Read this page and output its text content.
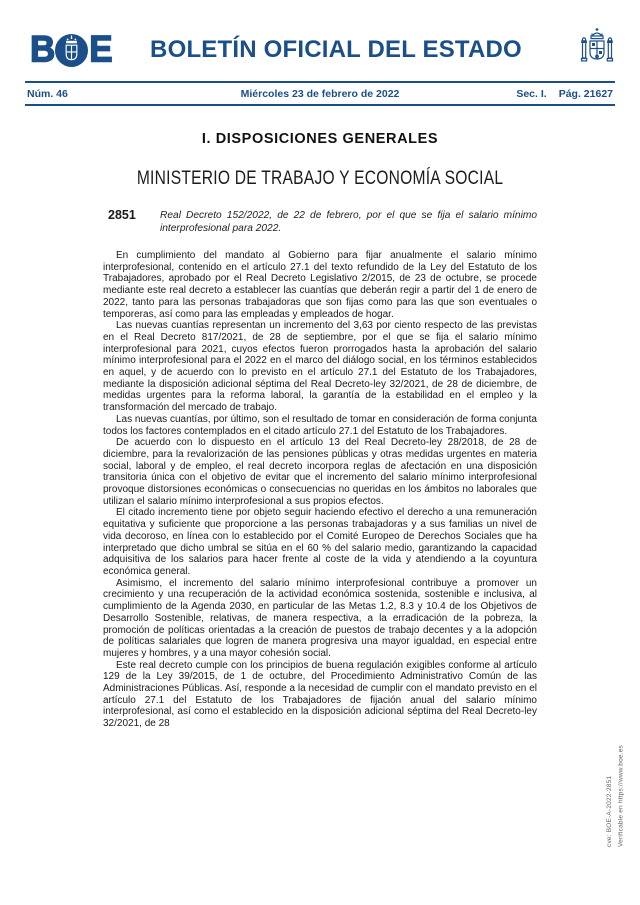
B E	BOLETÍN OFICIAL DEL ESTADO
Núm. 46	Miércoles 23 de febrero de 2022	Sec. I. Pág. 21627
I. DISPOSICIONES GENERALES
MINISTERIO DE TRABAJO Y ECONOMÍA SOCIAL
2851	Real Decreto 152/2022, de 22 de febrero, por el que se fija el salario mínimo interprofesional para 2022.

En cumplimiento del mandato al Gobierno para fijar anualmente el salario mínimo interprofesional, contenido en el artículo 27.1 del texto refundido de la Ley del Estatuto de los Trabajadores, aprobado por el Real Decreto Legislativo 2/2015, de 23 de octubre, se procede mediante este real decreto a establecer las cuantías que deberán regir a partir del 1 de enero de 2022, tanto para las personas trabajadoras que son fijas como para las que son eventuales o temporeras, así como para las empleadas y empleados de hogar.

Las nuevas cuantías representan un incremento del 3,63 por ciento respecto de las previstas en el Real Decreto 817/2021, de 28 de septiembre, por el que se fija el salario mínimo interprofesional para 2021, cuyos efectos fueron prorrogados hasta la aprobación del salario mínimo interprofesional para el 2022 en el marco del diálogo social, en los términos establecidos en aquel, y de acuerdo con lo previsto en el artículo 27.1 del Estatuto de los Trabajadores, mediante la disposición adicional séptima del Real Decreto-ley 32/2021, de 28 de diciembre, de medidas urgentes para la reforma laboral, la garantía de la estabilidad en el empleo y la transformación del mercado de trabajo.

Las nuevas cuantías, por último, son el resultado de tomar en consideración de forma conjunta todos los factores contemplados en el citado artículo 27.1 del Estatuto de los Trabajadores.

De acuerdo con lo dispuesto en el artículo 13 del Real Decreto-ley 28/2018, de 28 de diciembre, para la revalorización de las pensiones públicas y otras medidas urgentes en materia social, laboral y de empleo, el real decreto incorpora reglas de afectación en una disposición transitoria única con el objetivo de evitar que el incremento del salario mínimo interprofesional provoque distorsiones económicas o consecuencias no queridas en los ámbitos no laborales que utilizan el salario mínimo interprofesional a sus propios efectos.

El citado incremento tiene por objeto seguir haciendo efectivo el derecho a una remuneración equitativa y suficiente que proporcione a las personas trabajadoras y a sus familias un nivel de vida decoroso, en línea con lo establecido por el Comité Europeo de Derechos Sociales que ha interpretado que dicho umbral se sitúa en el 60 % del salario medio, garantizando la capacidad adquisitiva de los salarios para hacer frente al coste de la vida y atendiendo a la coyuntura económica general.

Asimismo, el incremento del salario mínimo interprofesional contribuye a promover un crecimiento y una recuperación de la actividad económica sostenida, sostenible e inclusiva, al cumplimiento de la Agenda 2030, en particular de las Metas 1.2, 8.3 y 10.4 de los Objetivos de Desarrollo Sostenible, relativas, de manera respectiva, a la erradicación de la pobreza, la promoción de políticas orientadas a la creación de puestos de trabajo decentes y a la adopción de políticas salariales que logren de manera progresiva una mayor igualdad, en especial entre mujeres y hombres, y a una mayor cohesión social.

Este real decreto cumple con los principios de buena regulación exigibles conforme al artículo 129 de la Ley 39/2015, de 1 de octubre, del Procedimiento Administrativo Común de las Administraciones Públicas. Así, responde a la necesidad de cumplir con el mandato previsto en el artículo 27.1 del Estatuto de los Trabajadores de fijación anual del salario mínimo interprofesional, así como el establecido en la disposición adicional séptima del Real Decreto-ley 32/2021, de 28

cve: BOE-A-2022-2851 Verificable en https://www.boe.es
